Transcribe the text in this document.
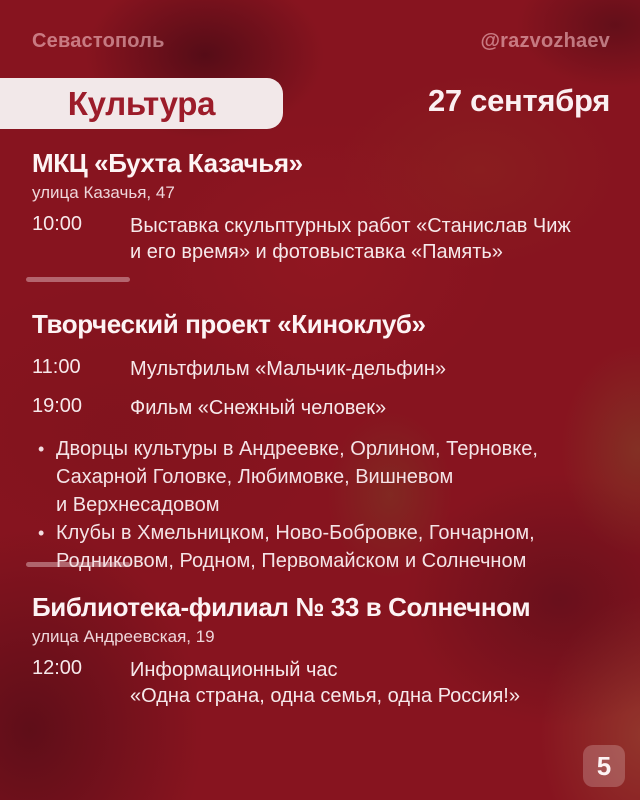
Севастополь	@razvozhaev
Культура	27 сентября
МКЦ «Бухта Казачья»
улица Казачья, 47
10:00	Выставка скульптурных работ «Станислав Чиж
и его время» и фотовыставка «Память»
Творческий проект «Киноклуб»
11:00	Мультфильм «Мальчик-дельфин»
19:00	Фильм «Снежный человек»
• Дворцы культуры в Андреевке, Орлином, Терновке,
Сахарной Головке, Любимовке, Вишневом
и Верхнесадовом
• Клубы в Хмельницком, Ново-Бобровке, Гончарном,
Родниковом, Родном, Первомайском и Солнечном
Библиотека-филиал № 33 в Солнечном
улица Андреевская, 19
12:00	Информационный час
«Одна страна, одна семья, одна Россия!»
5
